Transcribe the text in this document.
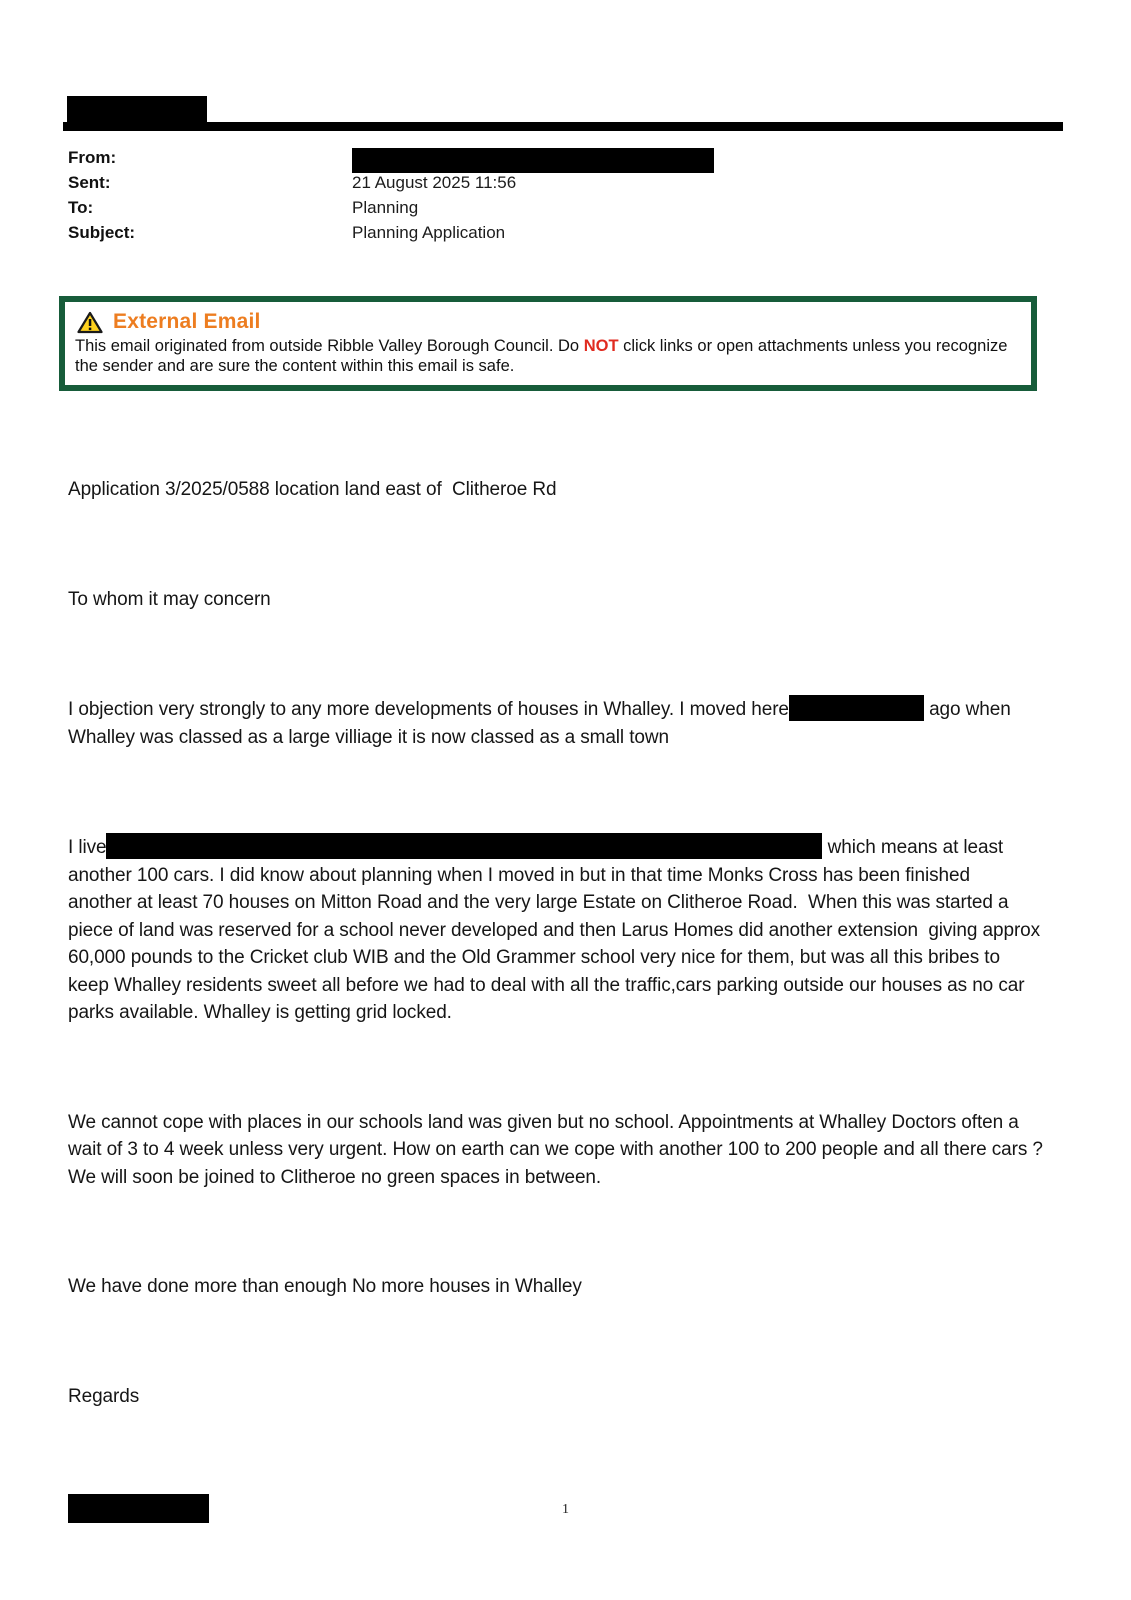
From:
Sent:	21 August 2025 11:56
To:	Planning
Subject:	Planning Application
External Email
This email originated from outside Ribble Valley Borough Council. Do NOT click links or open attachments unless you recognize the sender and are sure the content within this email is safe.

Application 3/2025/0588 location land east of  Clitheroe Rd

To whom it may concern

I objection very strongly to any more developments of houses in Whalley. I moved here	ago when Whalley was classed as a large villiage it is now classed as a small town

I live	which means at least another 100 cars. I did know about planning when I moved in but in that time Monks Cross has been finished  another at least 70 houses on Mitton Road and the very large Estate on Clitheroe Road.  When this was started a piece of land was reserved for a school never developed and then Larus Homes did another extension  giving approx 60,000 pounds to the Cricket club WIB and the Old Grammer school very nice for them, but was all this bribes to keep Whalley residents sweet all before we had to deal with all the traffic,cars parking outside our houses as no car parks available. Whalley is getting grid locked.

We cannot cope with places in our schools land was given but no school. Appointments at Whalley Doctors often a wait of 3 to 4 week unless very urgent. How on earth can we cope with another 100 to 200 people and all there cars ? We will soon be joined to Clitheroe no green spaces in between.

We have done more than enough No more houses in Whalley

Regards

1
